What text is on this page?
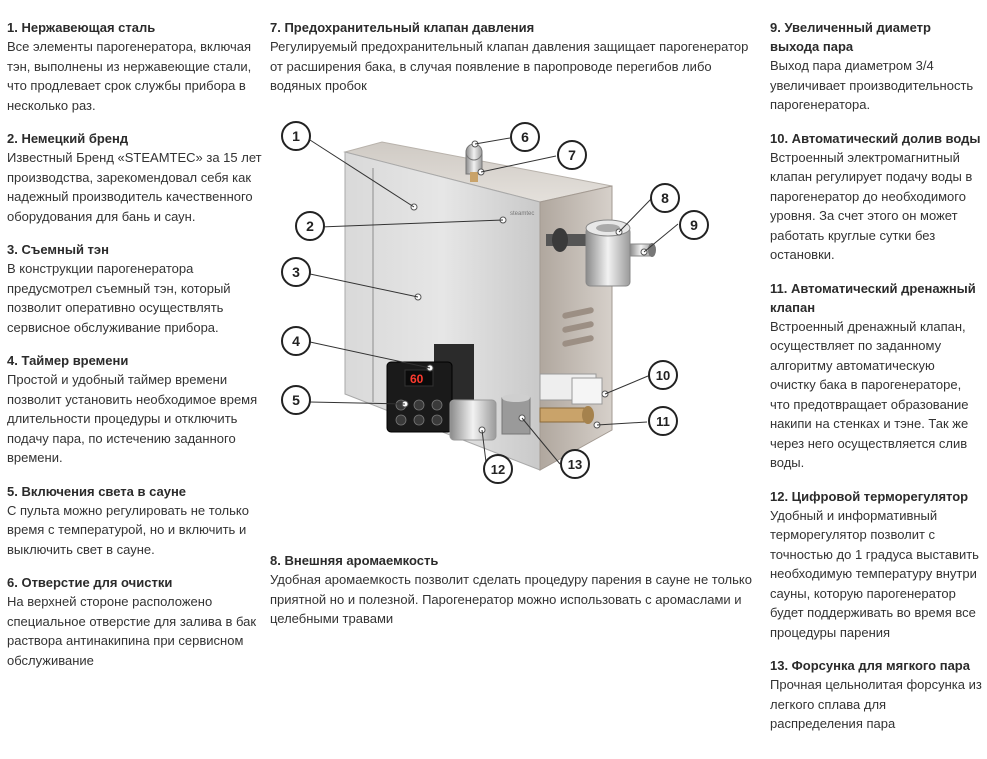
1. Нержавеющая сталь
Все элементы парогенератора, включая тэн, выполнены из нержавеющие стали, что продлевает срок службы прибора в несколько раз.
2. Немецкий бренд
Известный Бренд «STEAMTEC» за 15 лет производства, зарекомендовал себя как надежный производитель качественного оборудования для бань и саун.
3. Съемный тэн
В конструкции парогенератора предусмотрел съемный тэн, который позволит оперативно осуществлять сервисное обслуживание прибора.
4. Таймер времени
Простой и удобный таймер времени позволит установить необходимое время длительности процедуры и отключить подачу пара, по истечению заданного времени.
5. Включения света в сауне
С пульта можно регулировать не только время с температурой, но и включить и выключить свет в сауне.
6. Отверстие для очистки
На верхней стороне расположено специальное отверстие для залива в бак раствора антинакипина при сервисном обслуживание
7. Предохранительный клапан давления
Регулируемый предохранительный клапан давления защищает парогенератор от расширения бака, в случая появление в паропроводе перегибов либо водяных пробок
steamtec
60
1
2
3
4
5
6
7
8
9
10
11
12	13
8. Внешняя аромаемкость
Удобная аромаемкость позволит сделать процедуру парения в сауне не только приятной но и полезной. Парогенератор можно использовать с аромаслами и целебными травами
9. Увеличенный диаметр выхода пара
Выход пара диаметром 3/4 увеличивает производительность парогенератора.
10. Автоматический долив воды
Встроенный электромагнитный клапан регулирует подачу воды в парогенератор до необходимого уровня. За счет этого он может работать круглые сутки без остановки.
11. Автоматический дренажный клапан
Встроенный дренажный клапан, осуществляет по заданному алгоритму автоматическую очистку бака в парогенераторе, что предотвращает образование накипи на стенках и тэне. Так же через него осуществляется слив воды.
12. Цифровой терморегулятор
Удобный и информативный терморегулятор позволит с точностью до 1 градуса выставить необходимую температуру внутри сауны, которую парогенератор будет поддерживать во время все процедуры парения
13. Форсунка для мягкого пара
Прочная цельнолитая форсунка из легкого сплава для распределения пара
